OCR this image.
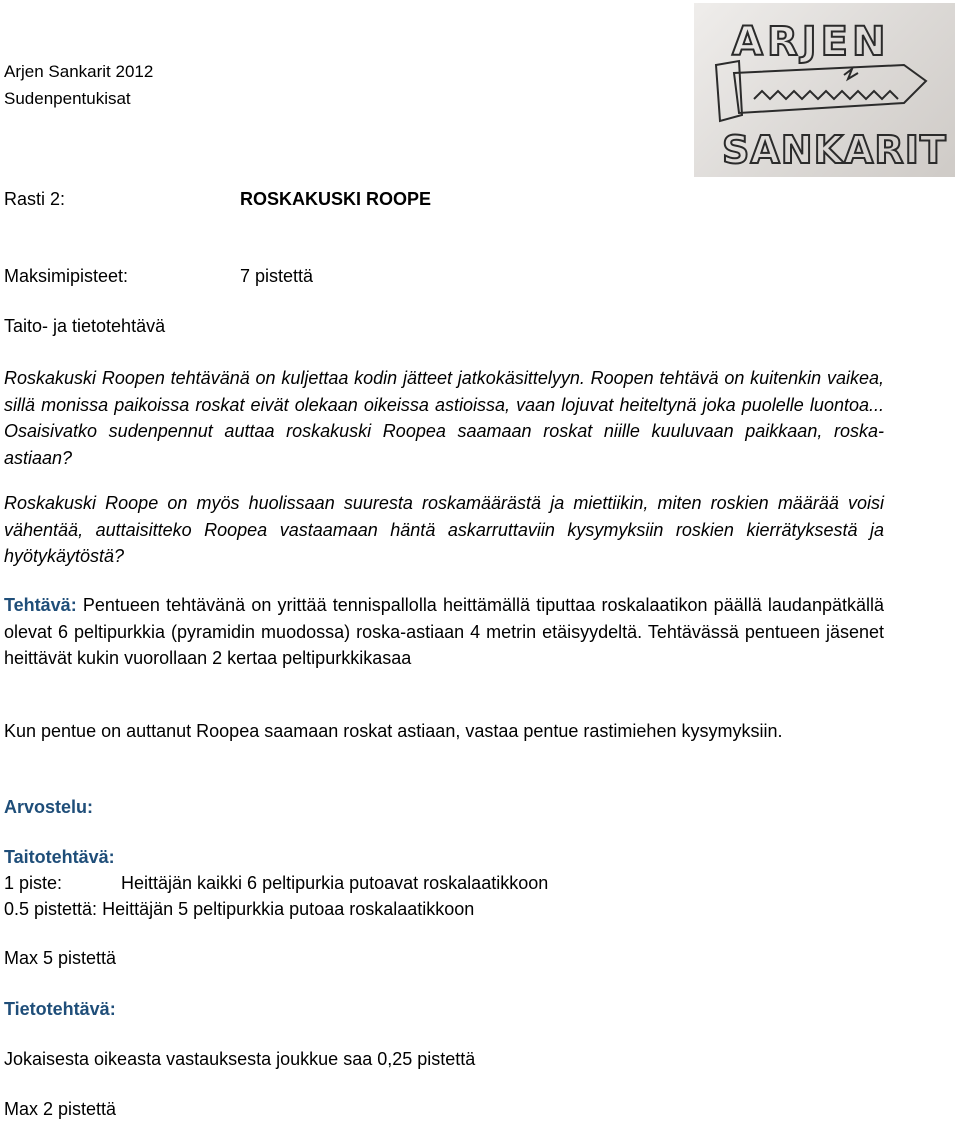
Arjen Sankarit 2012
Sudenpentukisat
ARJEN
SANKARIT
Rasti 2:	ROSKAKUSKI ROOPE
Maksimipisteet:	7 pistettä
Taito- ja tietotehtävä

Roskakuski Roopen tehtävänä on kuljettaa kodin jätteet jatkokäsittelyyn. Roopen tehtävä on kuitenkin vaikea, sillä monissa paikoissa roskat eivät olekaan oikeissa astioissa, vaan lojuvat heiteltynä joka puolelle luontoa... Osaisivatko sudenpennut auttaa roskakuski Roopea saamaan roskat niille kuuluvaan paikkaan, roska-astiaan?

Roskakuski Roope on myös huolissaan suuresta roskamäärästä ja miettiikin, miten roskien määrää voisi vähentää, auttaisitteko Roopea vastaamaan häntä askarruttaviin kysymyksiin roskien kierrätyksestä ja hyötykäytöstä?

Tehtävä: Pentueen tehtävänä on yrittää tennispallolla heittämällä tiputtaa roskalaatikon päällä laudanpätkällä olevat 6 peltipurkkia (pyramidin muodossa) roska-astiaan 4 metrin etäisyydeltä. Tehtävässä pentueen jäsenet heittävät kukin vuorollaan 2 kertaa peltipurkkikasaa

Kun pentue on auttanut Roopea saamaan roskat astiaan, vastaa pentue rastimiehen kysymyksiin.

Arvostelu:
Taitotehtävä:
1 piste:	Heittäjän kaikki 6 peltipurkia putoavat roskalaatikkoon
0.5 pistettä: Heittäjän 5 peltipurkkia putoaa roskalaatikkoon
Max 5 pistettä
Tietotehtävä:
Jokaisesta oikeasta vastauksesta joukkue saa 0,25 pistettä
Max 2 pistettä
